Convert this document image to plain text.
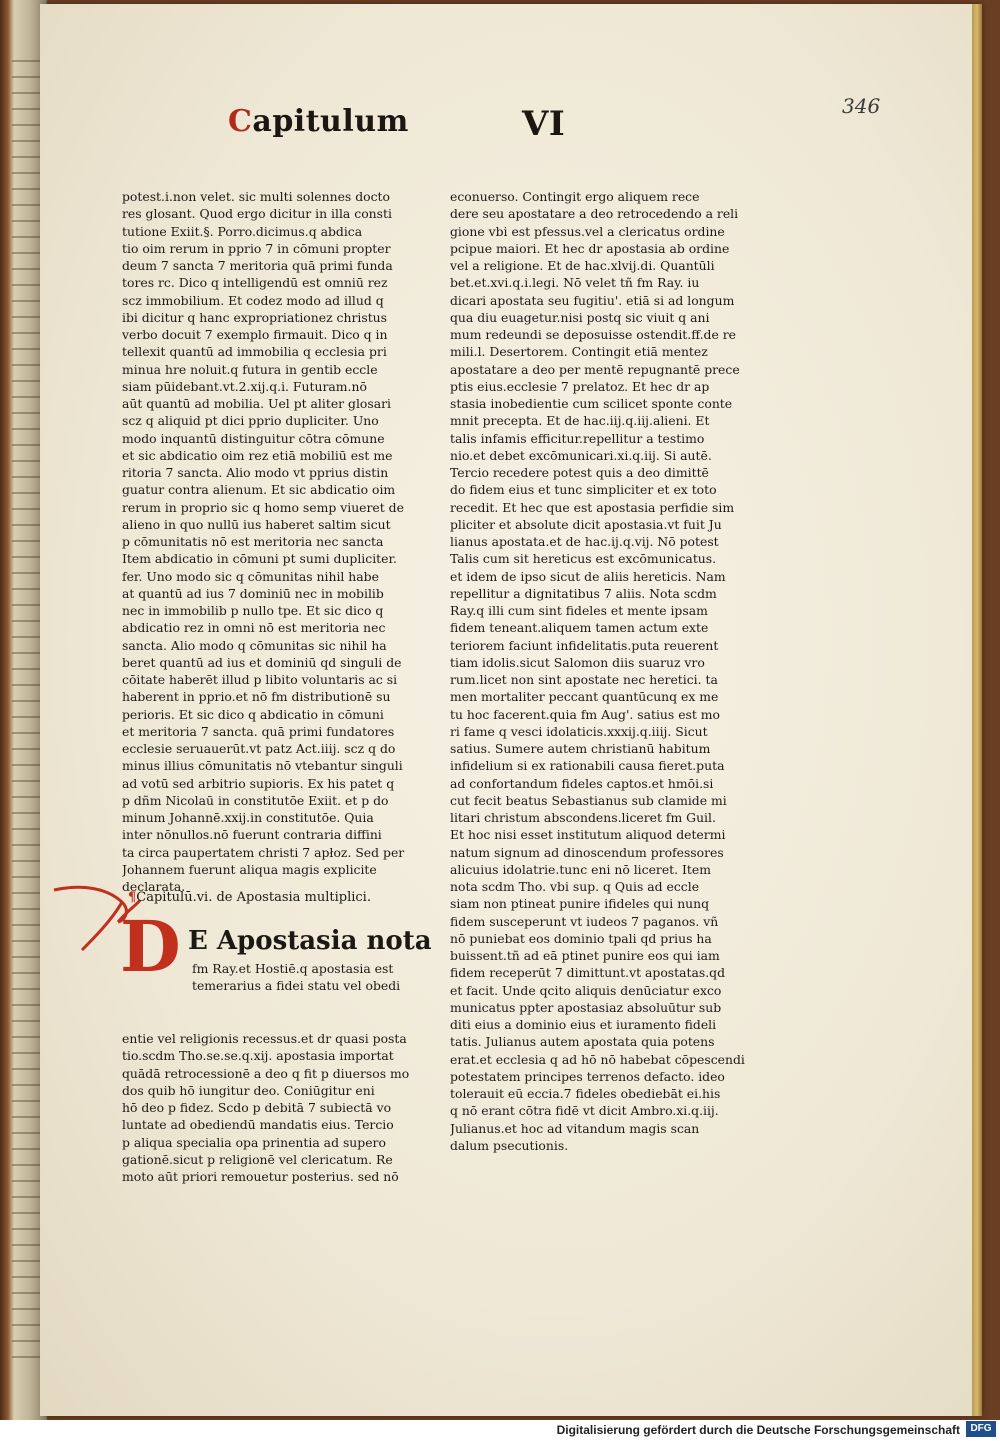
Capitulum	VI	346
potest.i.non velet. sic multi solennes docto
res glosant. Quod ergo dicitur in illa consti
tutione Exiit.§. Porro.dicimus.q abdica
tio oim rerum in pprio 7 in cōmuni propter
deum 7 sancta 7 meritoria quā primi funda
tores rc. Dico q intelligendū est omniū rez
scz immobilium. Et codez modo ad illud q
ibi dicitur q hanc expropriationez christus
verbo docuit 7 exemplo firmauit. Dico q in
tellexit quantū ad immobilia q ecclesia pri
minua hre noluit.q futura in gentib eccle
siam pūidebant.vt.2.xij.q.i. Futuram.nō
aūt quantū ad mobilia. Uel pt aliter glosari
scz q aliquid pt dici pprio dupliciter. Uno
modo inquantū distinguitur cōtra cōmune
et sic abdicatio oim rez etiā mobiliū est me
ritoria 7 sancta. Alio modo vt pprius distin
guatur contra alienum. Et sic abdicatio oim
rerum in proprio sic q homo semp viueret de
alieno in quo nullū ius haberet saltim sicut
p cōmunitatis nō est meritoria nec sancta
Item abdicatio in cōmuni pt sumi dupliciter.
fer. Uno modo sic q cōmunitas nihil habe
at quantū ad ius 7 dominiū nec in mobilib
nec in immobilib p nullo tpe. Et sic dico q
abdicatio rez in omni nō est meritoria nec
sancta. Alio modo q cōmunitas sic nihil ha
beret quantū ad ius et dominiū qd singuli de
cōitate haberēt illud p libito voluntaris ac si
haberent in pprio.et nō fm distributionē su
perioris. Et sic dico q abdicatio in cōmuni
et meritoria 7 sancta. quā primi fundatores
ecclesie seruauerūt.vt patz Act.iiij. scz q do
minus illius cōmunitatis nō vtebantur singuli
ad votū sed arbitrio supioris. Ex his patet q
p dñm Nicolaū in constitutōe Exiit. et p do
minum Johannē.xxij.in constitutōe. Quia
inter nōnullos.nō fuerunt contraria diffini
ta circa paupertatem christi 7 apłoz. Sed per
Johannem fuerunt aliqua magis explicite
declarata.
¶Capitulū.vi. de Apostasia multiplici.
D E Apostasia nota
fm Ray.et Hostiē.q apostasia est
temerarius a fidei statu vel obedi
entie vel religionis recessus.et dr quasi posta
tio.scdm Tho.se.se.q.xij. apostasia importat
quādā retrocessionē a deo q fit p diuersos mo
dos quib hō iungitur deo. Coniūgitur eni
hō deo p fidez. Scdo p debitā 7 subiectā vo
luntate ad obediendū mandatis eius. Tercio
p aliqua specialia opa prinentia ad supero
gationē.sicut p religionē vel clericatum. Re
moto aūt priori remouetur posterius. sed nō
econuerso. Contingit ergo aliquem rece
dere seu apostatare a deo retrocedendo a reli
gione vbi est pfessus.vel a clericatus ordine
pcipue maiori. Et hec dr apostasia ab ordine
vel a religione. Et de hac.xlvij.di. Quantūli
bet.et.xvi.q.i.legi. Nō velet tñ fm Ray. iu
dicari apostata seu fugitiu'. etiā si ad longum
qua diu euagetur.nisi postq sic viuit q ani
mum redeundi se deposuisse ostendit.ff.de re
mili.l. Desertorem. Contingit etiā mentez
apostatare a deo per mentē repugnantē prece
ptis eius.ecclesie 7 prelatoz. Et hec dr ap
stasia inobedientie cum scilicet sponte conte
mnit precepta. Et de hac.iij.q.iij.alieni. Et
talis infamis efficitur.repellitur a testimo
nio.et debet excōmunicari.xi.q.iij. Si autē.
Tercio recedere potest quis a deo dimittē
do fidem eius et tunc simpliciter et ex toto
recedit. Et hec que est apostasia perfidie sim
pliciter et absolute dicit apostasia.vt fuit Ju
lianus apostata.et de hac.ij.q.vij. Nō potest
Talis cum sit hereticus est excōmunicatus.
et idem de ipso sicut de aliis hereticis. Nam
repellitur a dignitatibus 7 aliis. Nota scdm
Ray.q illi cum sint fideles et mente ipsam
fidem teneant.aliquem tamen actum exte
teriorem faciunt infidelitatis.puta reuerent
tiam idolis.sicut Salomon diis suaruz vro
rum.licet non sint apostate nec heretici. ta
men mortaliter peccant quantūcunq ex me
tu hoc facerent.quia fm Aug'. satius est mo
ri fame q vesci idolaticis.xxxij.q.iiij. Sicut
satius. Sumere autem christianū habitum
infidelium si ex rationabili causa fieret.puta
ad confortandum fideles captos.et hmōi.si
cut fecit beatus Sebastianus sub clamide mi
litari christum abscondens.liceret fm Guil.
Et hoc nisi esset institutum aliquod determi
natum signum ad dinoscendum professores
alicuius idolatrie.tunc eni nō liceret. Item
nota scdm Tho. vbi sup. q Quis ad eccle
siam non ptineat punire ifideles qui nunq
fidem susceperunt vt iudeos 7 paganos. vñ
nō puniebat eos dominio tpali qd prius ha
buissent.tñ ad eā ptinet punire eos qui iam
fidem receperūt 7 dimittunt.vt apostatas.qd
et facit. Unde qcito aliquis denūciatur exco
municatus ppter apostasiaz absoluūtur sub
diti eius a dominio eius et iuramento fideli
tatis. Julianus autem apostata quia potens
erat.et ecclesia q ad hō nō habebat cōpescendi
potestatem principes terrenos defacto. ideo
tolerauit eū eccia.7 fideles obediebāt ei.his
q nō erant cōtra fidē vt dicit Ambro.xi.q.iij.
Julianus.et hoc ad vitandum magis scan
dalum psecutionis.
Digitalisierung gefördert durch die Deutsche Forschungsgemeinschaft	DFG
